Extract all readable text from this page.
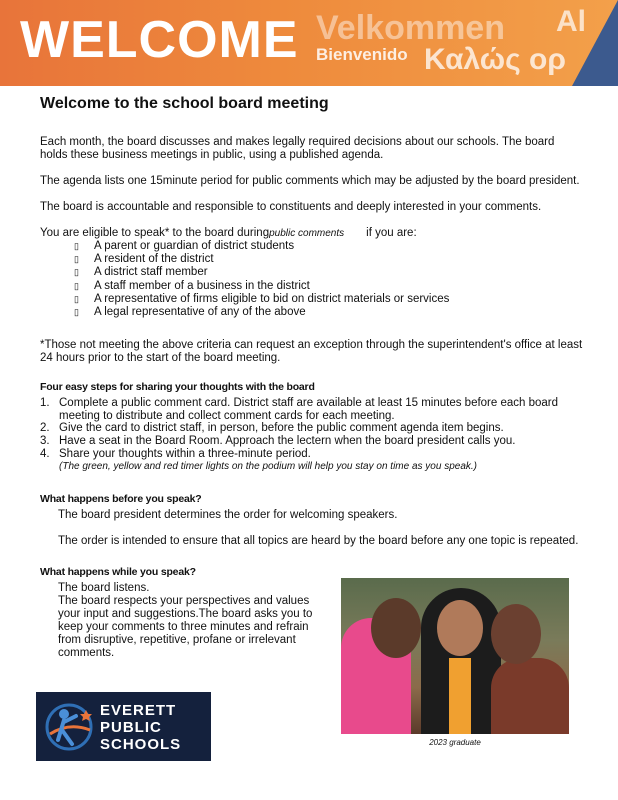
WELCOME Velkommen Al
Bienvenido Καλώς ορ
Welcome to the school board meeting

Each month, the board discusses and makes legally required decisions about our schools. The board holds these business meetings in public, using a published agenda.

The agenda lists one 15minute period for public comments which may be adjusted by the board president.

The board is accountable and responsible to constituents and deeply interested in your comments.

You are eligible to speak* to the board duringpublic comments if you are:
▯ A parent or guardian of district students
▯ A resident of the district
▯ A district staff member
▯ A staff member of a business in the district
▯ A representative of firms eligible to bid on district materials or services
▯ A legal representative of any of the above

*Those not meeting the above criteria can request an exception through the superintendent's office at least 24 hours prior to the start of the board meeting.

Four easy steps for sharing your thoughts with the board
1. Complete a public comment card. District staff are available at least 15 minutes before each board meeting to distribute and collect comment cards for each meeting.
2. Give the card to district staff, in person, before the public comment agenda item begins.
3. Have a seat in the Board Room. Approach the lectern when the board president calls you.
4. Share your thoughts within a three-minute period.
(The green, yellow and red timer lights on the podium will help you stay on time as you speak.)
What happens before you speak?

The board president determines the order for welcoming speakers.

The order is intended to ensure that all topics are heard by the board before any one topic is repeated.

What happens while you speak?
The board listens.
The board respects your perspectives and values your input and suggestions.The board asks you to keep your comments to three minutes and refrain from disruptive, repetitive, profane or irrelevant comments.
2023 graduate
EVERETT
PUBLIC
SCHOOLS
